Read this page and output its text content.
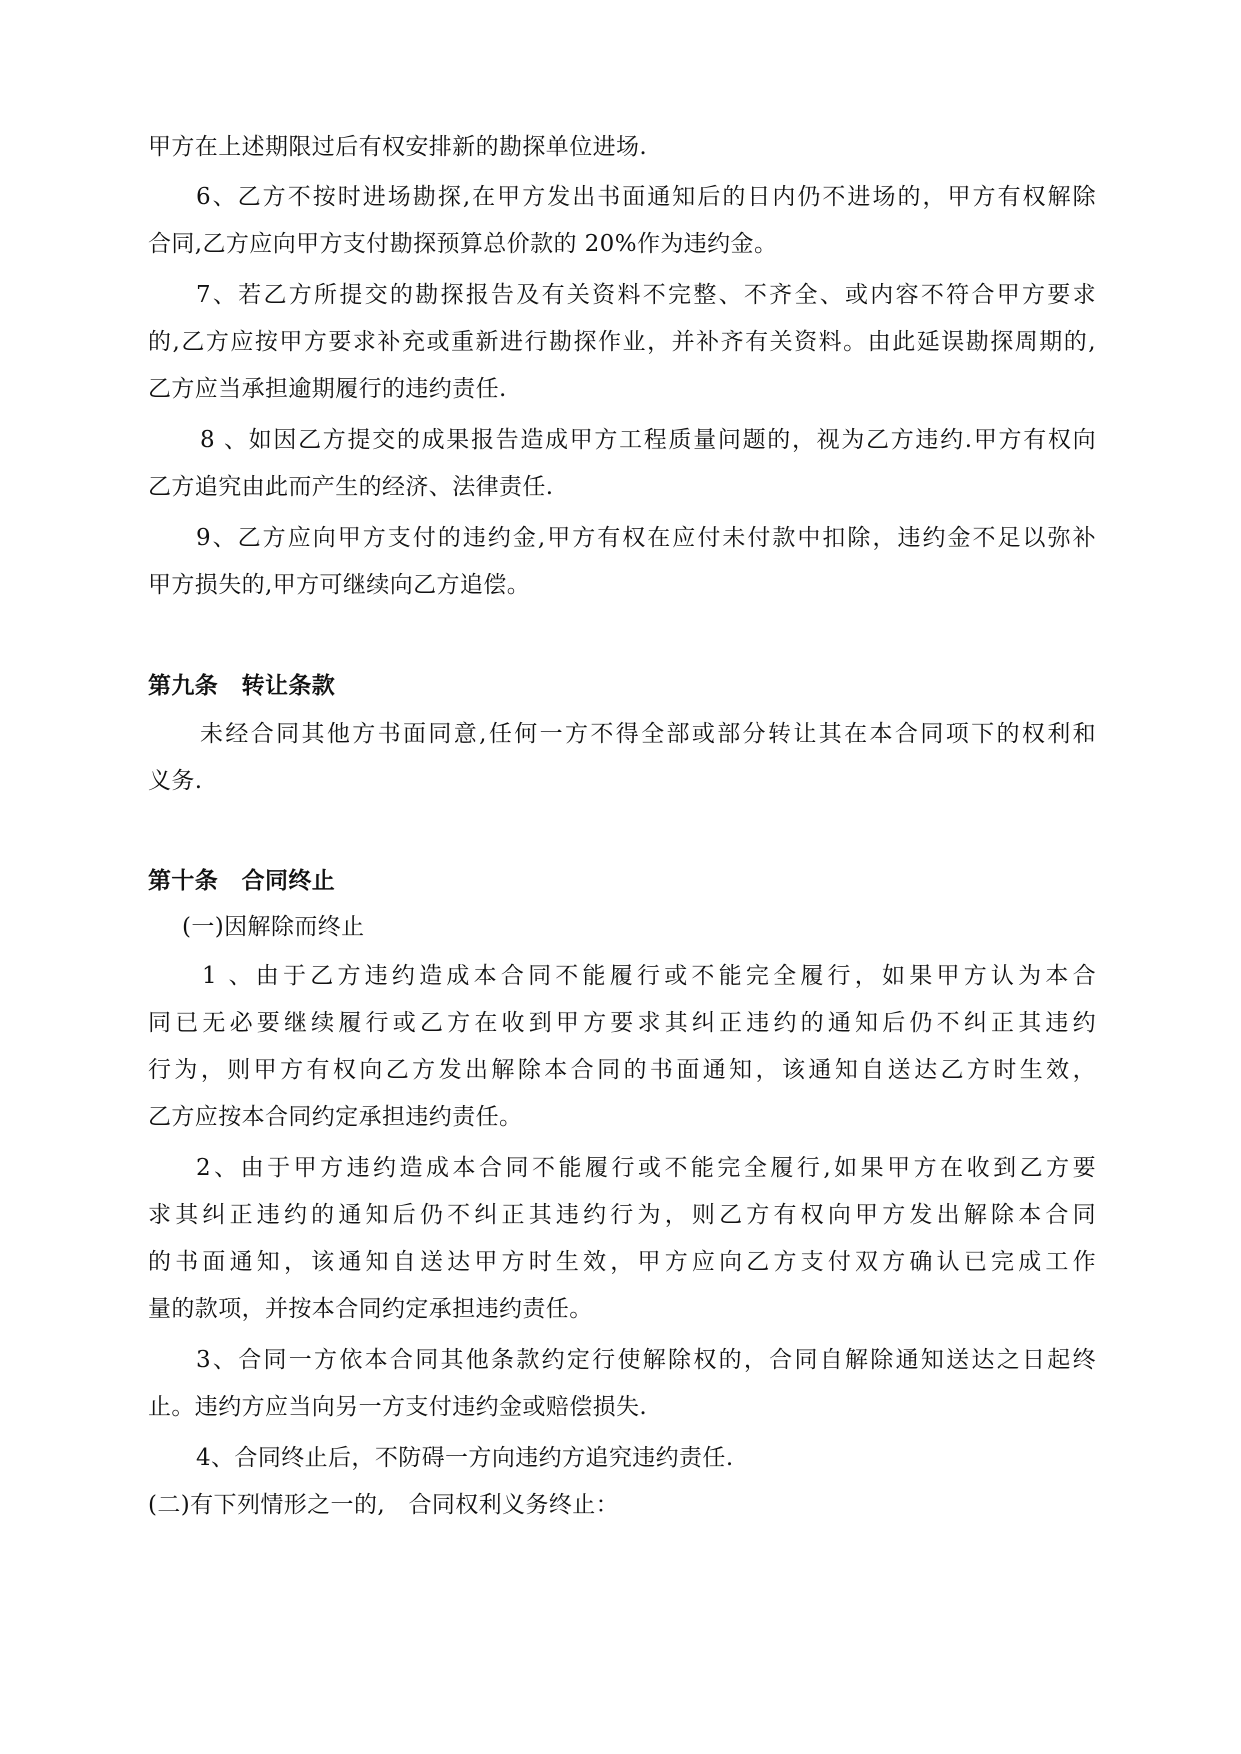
甲方在上述期限过后有权安排新的勘探单位进场.
6、乙方不按时进场勘探,在甲方发出书面通知后的日内仍不进场的，甲方有权解除
合同,乙方应向甲方支付勘探预算总价款的 20%作为违约金。
7、若乙方所提交的勘探报告及有关资料不完整、不齐全、或内容不符合甲方要求
的,乙方应按甲方要求补充或重新进行勘探作业，并补齐有关资料。由此延误勘探周期的,
乙方应当承担逾期履行的违约责任.
8 、如因乙方提交的成果报告造成甲方工程质量问题的，视为乙方违约.甲方有权向
乙方追究由此而产生的经济、法律责任.
9、乙方应向甲方支付的违约金,甲方有权在应付未付款中扣除，违约金不足以弥补
甲方损失的,甲方可继续向乙方追偿。
第九条　转让条款
未经合同其他方书面同意,任何一方不得全部或部分转让其在本合同项下的权利和
义务.
第十条　合同终止
(一)因解除而终止
1 、由于乙方违约造成本合同不能履行或不能完全履行，如果甲方认为本合
同已无必要继续履行或乙方在收到甲方要求其纠正违约的通知后仍不纠正其违约
行为，则甲方有权向乙方发出解除本合同的书面通知，该通知自送达乙方时生效，
乙方应按本合同约定承担违约责任。
2、由于甲方违约造成本合同不能履行或不能完全履行,如果甲方在收到乙方要
求其纠正违约的通知后仍不纠正其违约行为，则乙方有权向甲方发出解除本合同
的书面通知，该通知自送达甲方时生效，甲方应向乙方支付双方确认已完成工作
量的款项，并按本合同约定承担违约责任。
3、合同一方依本合同其他条款约定行使解除权的，合同自解除通知送达之日起终
止。违约方应当向另一方支付违约金或赔偿损失.
4、合同终止后，不防碍一方向违约方追究违约责任.
(二)有下列情形之一的,　合同权利义务终止：
